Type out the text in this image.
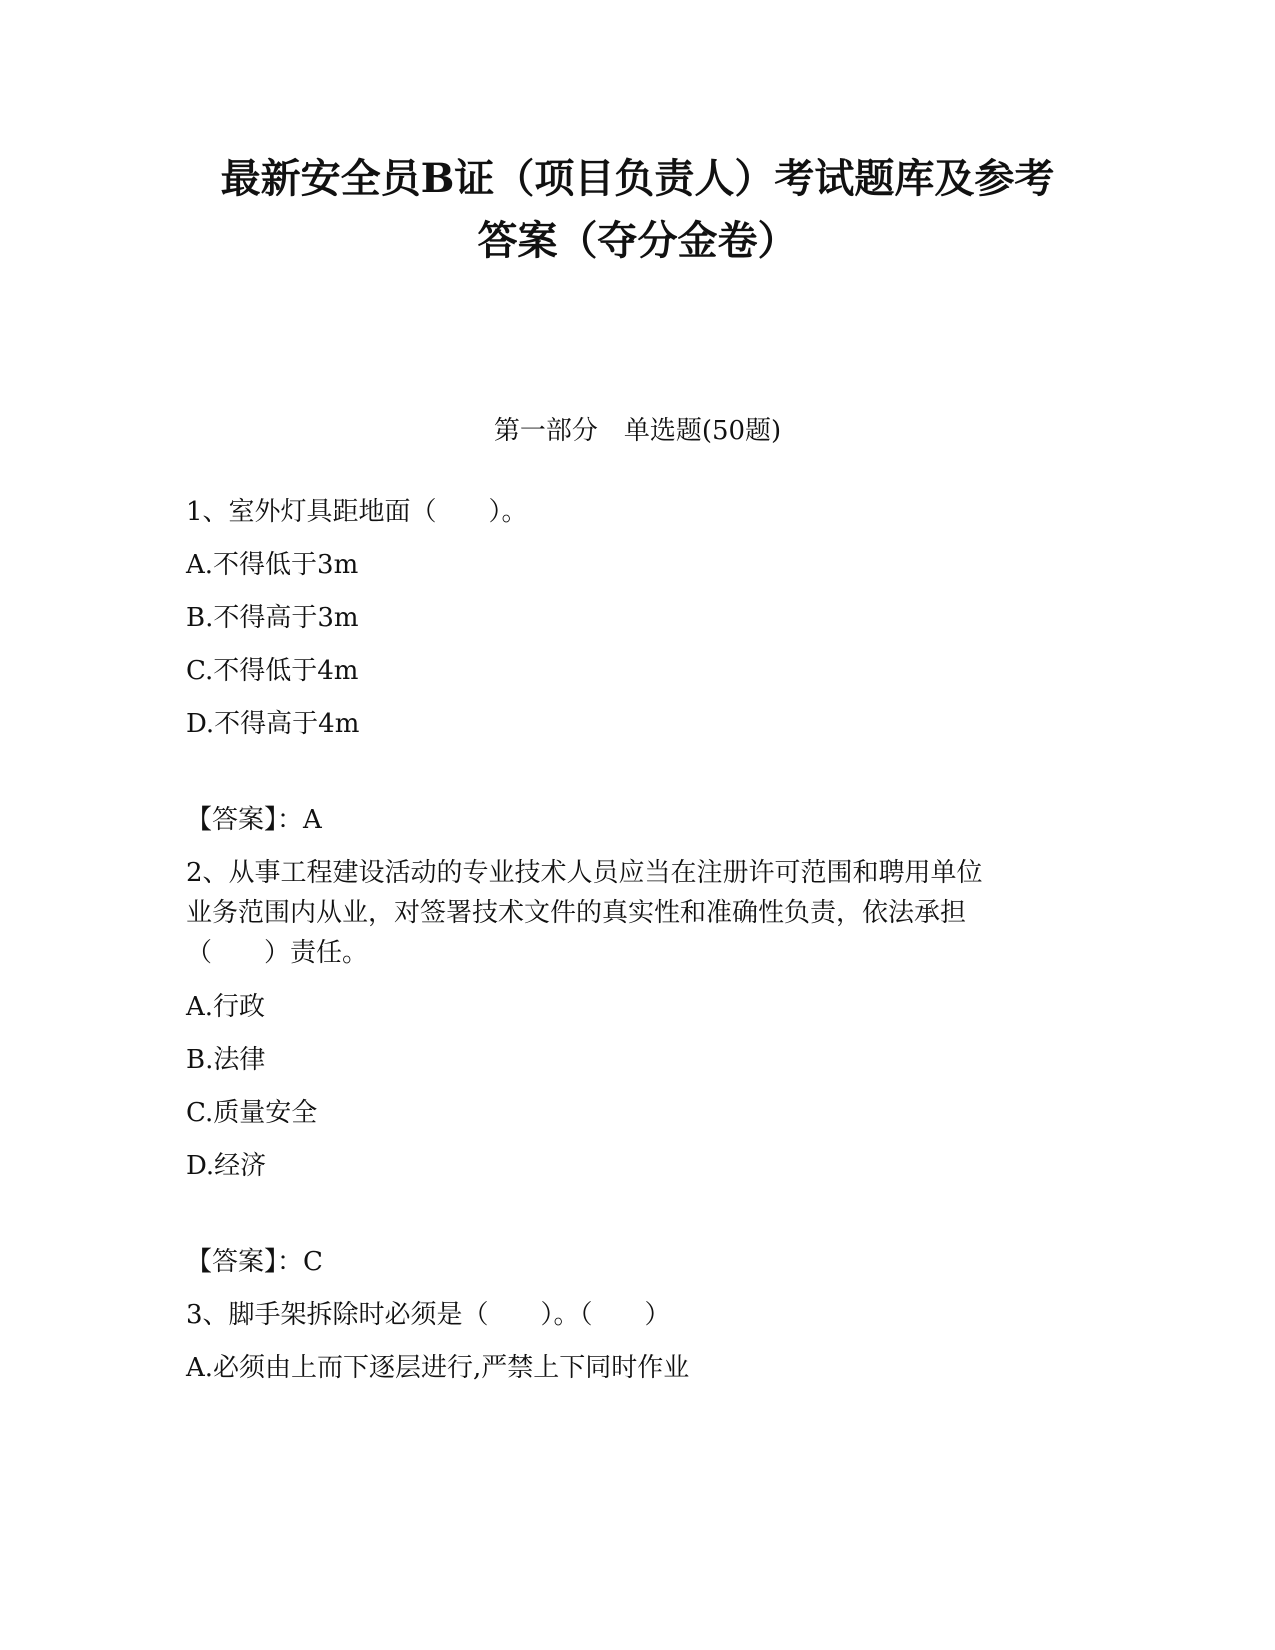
最新安全员B证（项目负责人）考试题库及参考
答案（夺分金卷）
第一部分　单选题(50题)
1、室外灯具距地面（　　）。
A.不得低于3m
B.不得高于3m
C.不得低于4m
D.不得高于4m
【答案】：A
2、从事工程建设活动的专业技术人员应当在注册许可范围和聘用单位
业务范围内从业，对签署技术文件的真实性和准确性负责，依法承担
（　　）责任。
A.行政
B.法律
C.质量安全
D.经济
【答案】：C
3、脚手架拆除时必须是（　　）。（　　）
A.必须由上而下逐层进行,严禁上下同时作业
